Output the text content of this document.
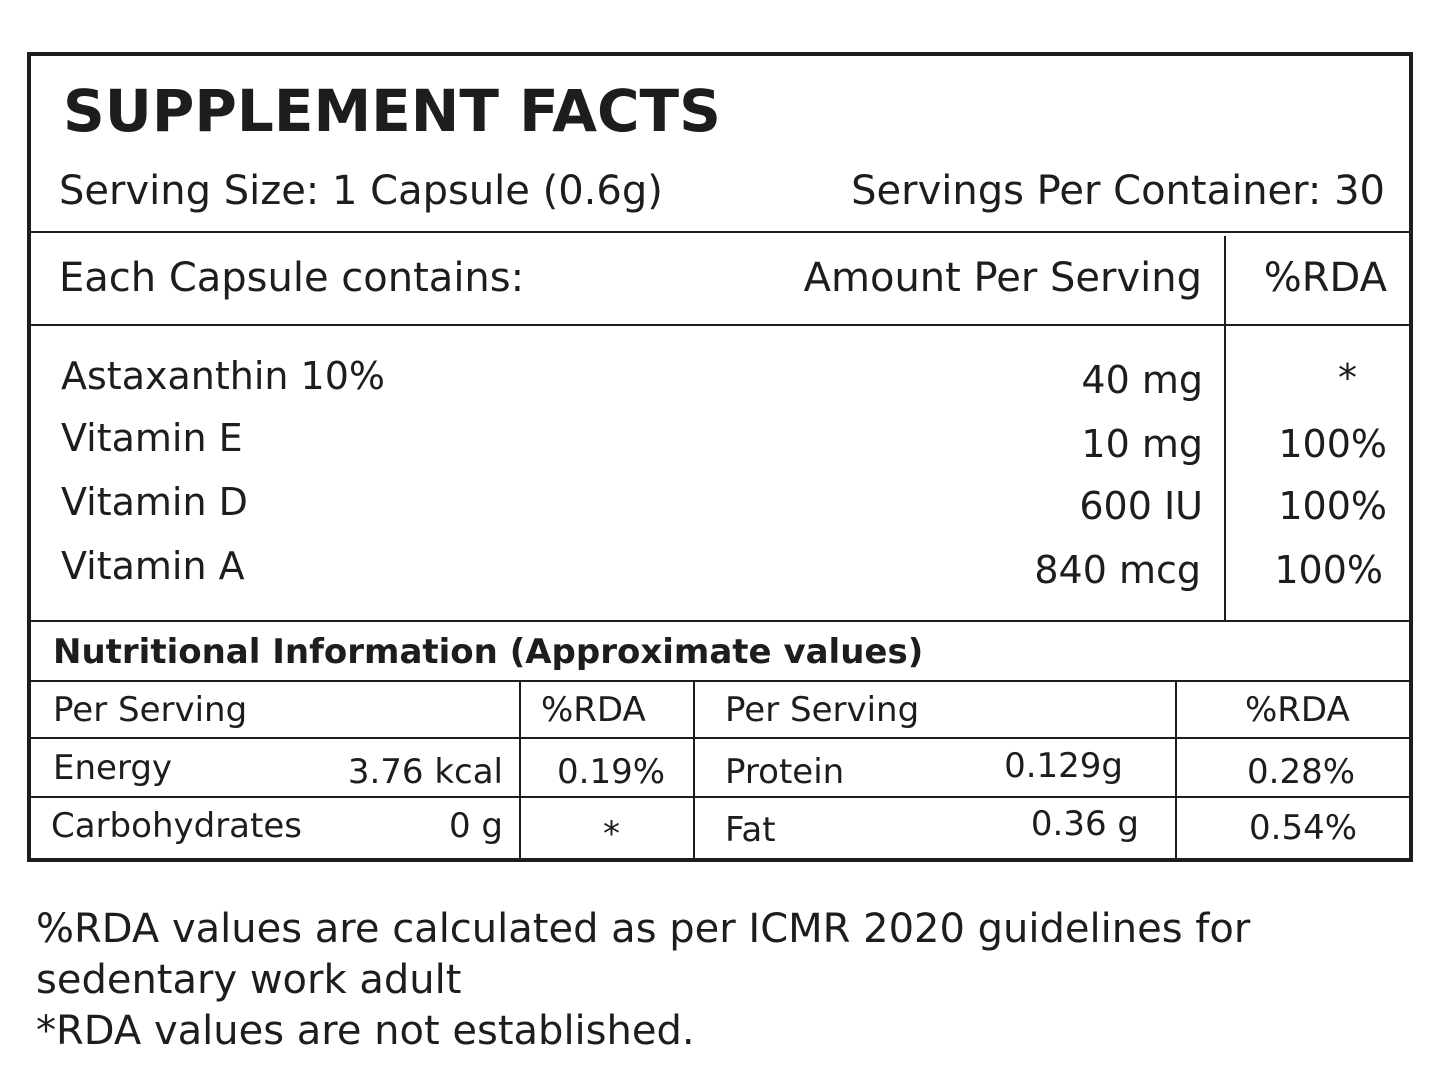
SUPPLEMENT FACTS
Serving Size: 1 Capsule (0.6g)	Servings Per Container: 30
Each Capsule contains:	Amount Per Serving %RDA
Astaxanthin 10%	40 mg	*
Vitamin E	10 mg 100%
Vitamin D	600 IU 100%
Vitamin A	840 mcg 100%
Nutritional Information (Approximate values)
Per Serving	%RDA Per Serving	%RDA
Energy	3.76 kcal 0.19% Protein	0.129g	0.28%
Carbohydrates	0 g	*	Fat	0.36 g	0.54%
%RDA values are calculated as per ICMR 2020 guidelines for
sedentary work adult
*RDA values are not established.
